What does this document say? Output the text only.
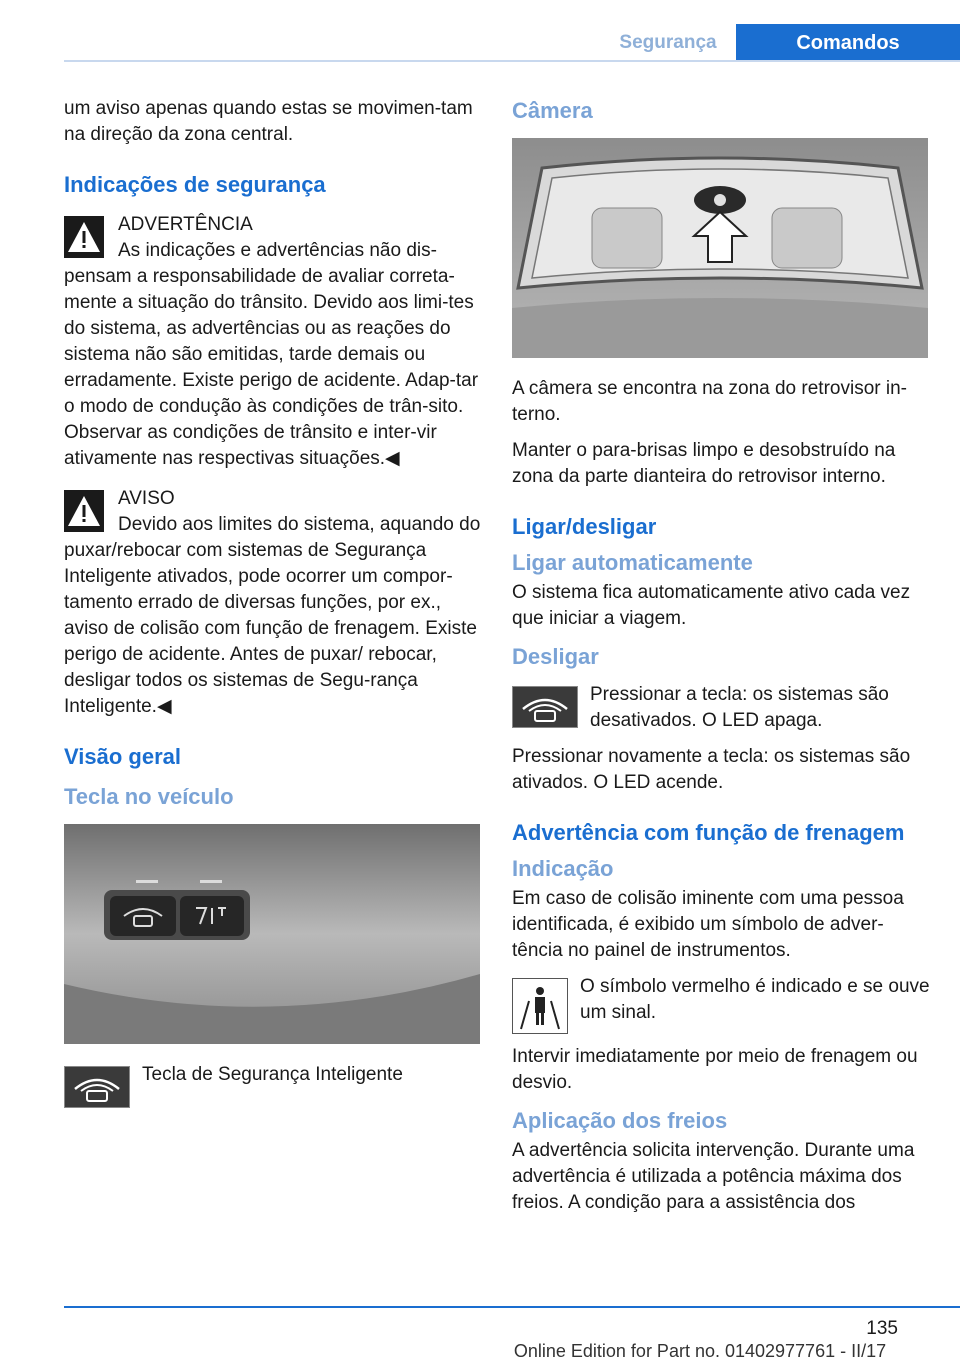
Segurança	Comandos

um aviso apenas quando estas se movimen-tam na direção da zona central.

Indicações de segurança
ADVERTÊNCIA
As indicações e advertências não dis-pensam a responsabilidade de avaliar correta-mente a situação do trânsito. Devido aos limi-tes do sistema, as advertências ou as reações do sistema não são emitidas, tarde demais ou erradamente. Existe perigo de acidente. Adap-tar o modo de condução às condições de trân-sito. Observar as condições de trânsito e inter-vir ativamente nas respectivas situações.◀
AVISO
Devido aos limites do sistema, aquando do puxar/rebocar com sistemas de Segurança Inteligente ativados, pode ocorrer um compor-tamento errado de diversas funções, por ex., aviso de colisão com função de frenagem. Existe perigo de acidente. Antes de puxar/ rebocar, desligar todos os sistemas de Segu-rança Inteligente.◀
Visão geral
Tecla no veículo
Tecla de Segurança Inteligente
Câmera

A câmera se encontra na zona do retrovisor in-terno.

Manter o para-brisas limpo e desobstruído na zona da parte dianteira do retrovisor interno.

Ligar/desligar
Ligar automaticamente

O sistema fica automaticamente ativo cada vez que iniciar a viagem.

Desligar
Pressionar a tecla: os sistemas são desativados. O LED apaga.

Pressionar novamente a tecla: os sistemas são ativados. O LED acende.

Advertência com função de frenagem
Indicação

Em caso de colisão iminente com uma pessoa identificada, é exibido um símbolo de adver-tência no painel de instrumentos.

O símbolo vermelho é indicado e se ouve um sinal.

Intervir imediatamente por meio de frenagem ou desvio.

Aplicação dos freios

A advertência solicita intervenção. Durante uma advertência é utilizada a potência máxima dos freios. A condição para a assistência dos

135
Online Edition for Part no. 01402977761 - II/17
